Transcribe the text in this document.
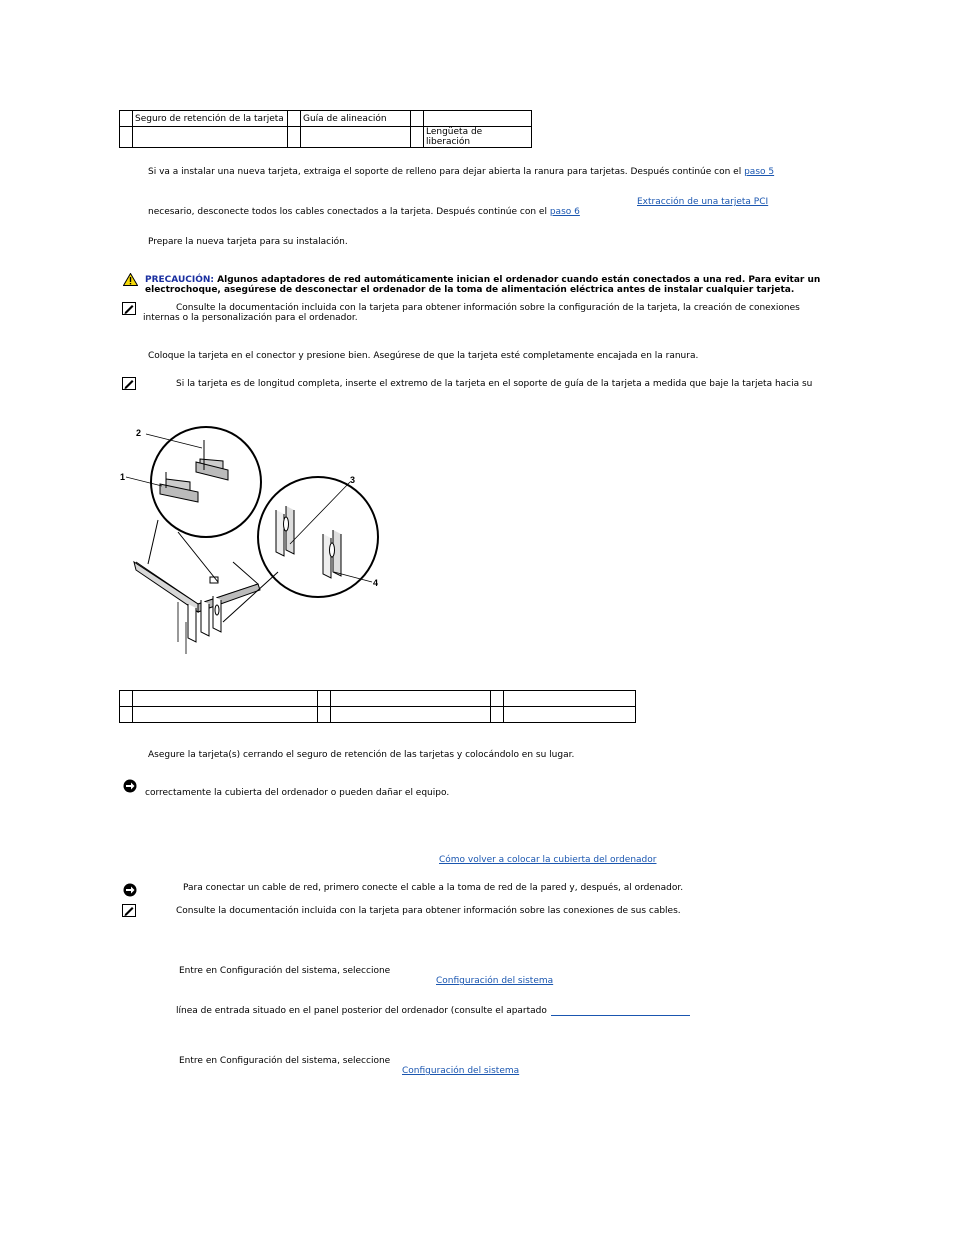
	Seguro de retención de la tarjeta		Guía de alineación		
					Lengüeta de liberación
Si va a instalar una nueva tarjeta, extraiga el soporte de relleno para dejar abierta la ranura para tarjetas. Después continúe con el paso 5
Extracción de una tarjeta PCI
necesario, desconecte todos los cables conectados a la tarjeta. Después continúe con el paso 6
Prepare la nueva tarjeta para su instalación.
PRECAUCIÓN: Algunos adaptadores de red automáticamente inician el ordenador cuando están conectados a una red. Para evitar un
electrochoque, asegúrese de desconectar el ordenador de la toma de alimentación eléctrica antes de instalar cualquier tarjeta.
Consulte la documentación incluida con la tarjeta para obtener información sobre la configuración de la tarjeta, la creación de conexiones
internas o la personalización para el ordenador.
Coloque la tarjeta en el conector y presione bien. Asegúrese de que la tarjeta esté completamente encajada en la ranura.
Si la tarjeta es de longitud completa, inserte el extremo de la tarjeta en el soporte de guía de la tarjeta a medida que baje la tarjeta hacia su
2
1	3
4

Asegure la tarjeta(s) cerrando el seguro de retención de las tarjetas y colocándolo en su lugar.
correctamente la cubierta del ordenador o pueden dañar el equipo.
Cómo volver a colocar la cubierta del ordenador
Para conectar un cable de red, primero conecte el cable a la toma de red de la pared y, después, al ordenador.
Consulte la documentación incluida con la tarjeta para obtener información sobre las conexiones de sus cables.
Entre en Configuración del sistema, seleccione
Configuración del sistema
línea de entrada situado en el panel posterior del ordenador (consulte el apartado
Entre en Configuración del sistema, seleccione
Configuración del sistema
